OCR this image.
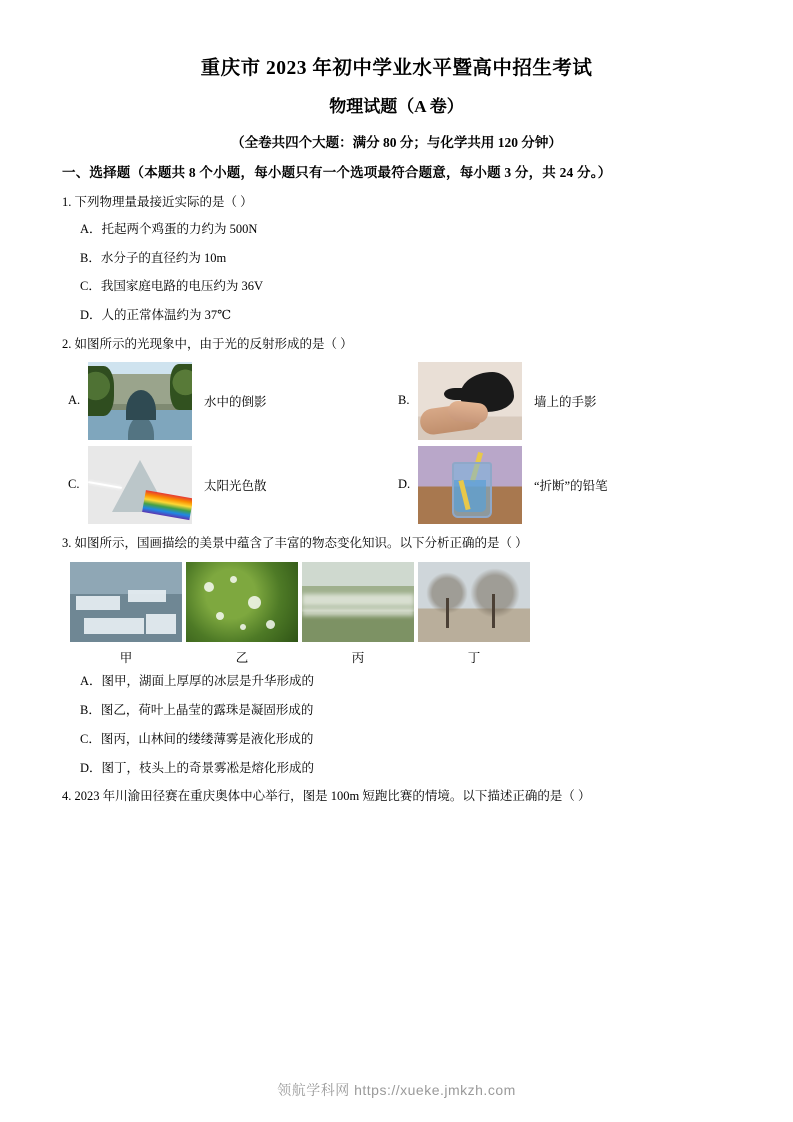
重庆市 2023 年初中学业水平暨高中招生考试
物理试题（A 卷）
（全卷共四个大题：满分 80 分；与化学共用 120 分钟）
一、选择题（本题共 8 个小题，每小题只有一个选项最符合题意，每小题 3 分，共 24 分。）
1. 下列物理量最接近实际的是（ ）
A．托起两个鸡蛋的力约为 500N
B．水分子的直径约为 10m
C．我国家庭电路的电压约为 36V
D．人的正常体温约为 37℃
2. 如图所示的光现象中，由于光的反射形成的是（ ）
A.	水中的倒影	B.	墙上的手影
C.	太阳光色散	D.	“折断”的铅笔
3. 如图所示，国画描绘的美景中蕴含了丰富的物态变化知识。以下分析正确的是（ ）
甲	乙	丙	丁
A．图甲，湖面上厚厚的冰层是升华形成的
B．图乙，荷叶上晶莹的露珠是凝固形成的
C．图丙，山林间的缕缕薄雾是液化形成的
D．图丁，枝头上的奇景雾凇是熔化形成的
4. 2023 年川渝田径赛在重庆奥体中心举行，图是 100m 短跑比赛的情境。以下描述正确的是（ ）
领航学科网 https://xueke.jmkzh.com
